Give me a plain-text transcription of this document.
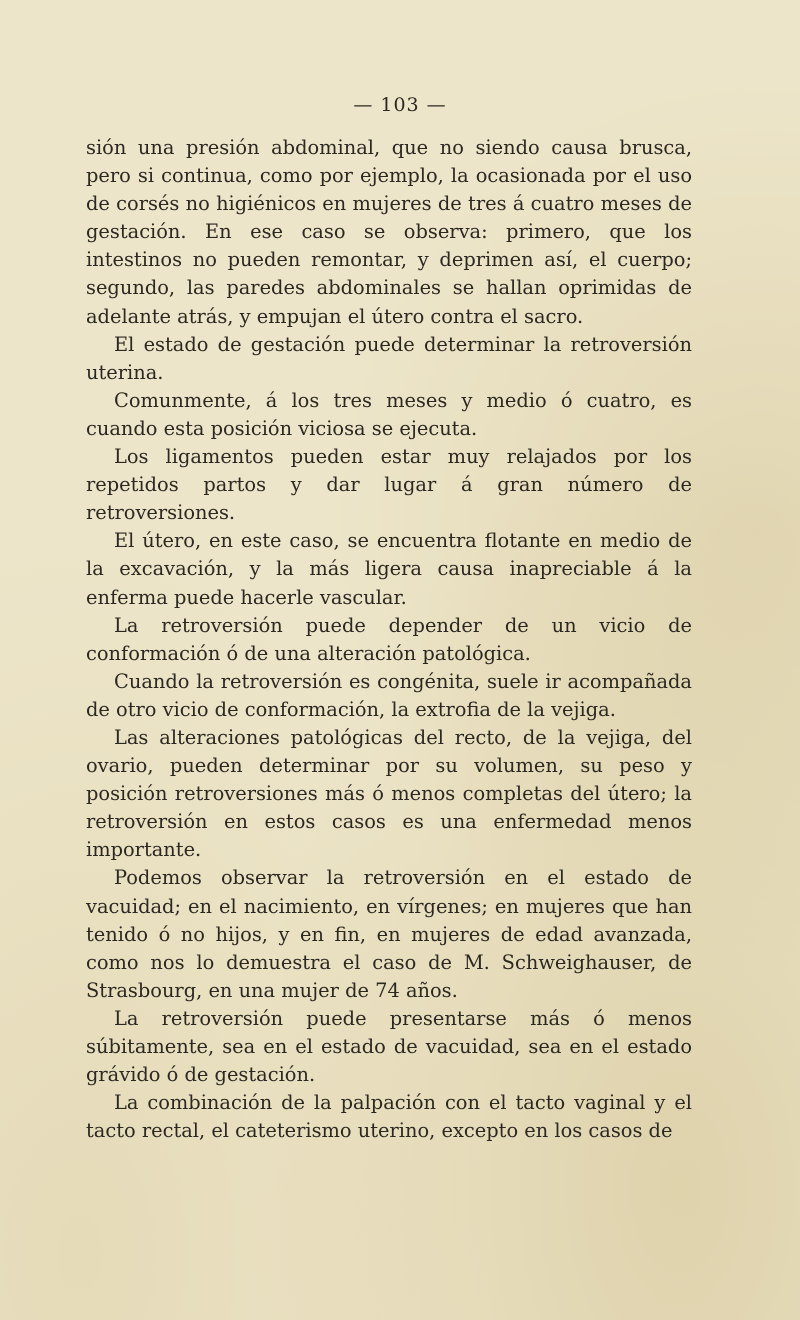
— 103 —

sión una presión abdominal, que no siendo causa brusca, pero si continua, como por ejemplo, la ocasionada por el uso de corsés no higiénicos en mujeres de tres á cuatro meses de gestación. En ese caso se observa: primero, que los intestinos no pueden remontar, y deprimen así, el cuerpo; segundo, las paredes abdominales se hallan oprimidas de adelante atrás, y empujan el útero contra el sacro.

El estado de gestación puede determinar la retroversión uterina.

Comunmente, á los tres meses y medio ó cuatro, es cuando esta posición viciosa se ejecuta.

Los ligamentos pueden estar muy relajados por los repetidos partos y dar lugar á gran número de retroversiones.

El útero, en este caso, se encuentra flotante en medio de la excavación, y la más ligera causa inapreciable á la enferma puede hacerle vascular.

La retroversión puede depender de un vicio de conformación ó de una alteración patológica.

Cuando la retroversión es congénita, suele ir acompañada de otro vicio de conformación, la extrofia de la vejiga.

Las alteraciones patológicas del recto, de la vejiga, del ovario, pueden determinar por su volumen, su peso y posición retroversiones más ó menos completas del útero; la retroversión en estos casos es una enfermedad menos importante.

Podemos observar la retroversión en el estado de vacuidad; en el nacimiento, en vírgenes; en mujeres que han tenido ó no hijos, y en fin, en mujeres de edad avanzada, como nos lo demuestra el caso de M. Schweighauser, de Strasbourg, en una mujer de 74 años.

La retroversión puede presentarse más ó menos súbitamente, sea en el estado de vacuidad, sea en el estado grávido ó de gestación.

La combinación de la palpación con el tacto vaginal y el tacto rectal, el cateterismo uterino, excepto en los casos de
